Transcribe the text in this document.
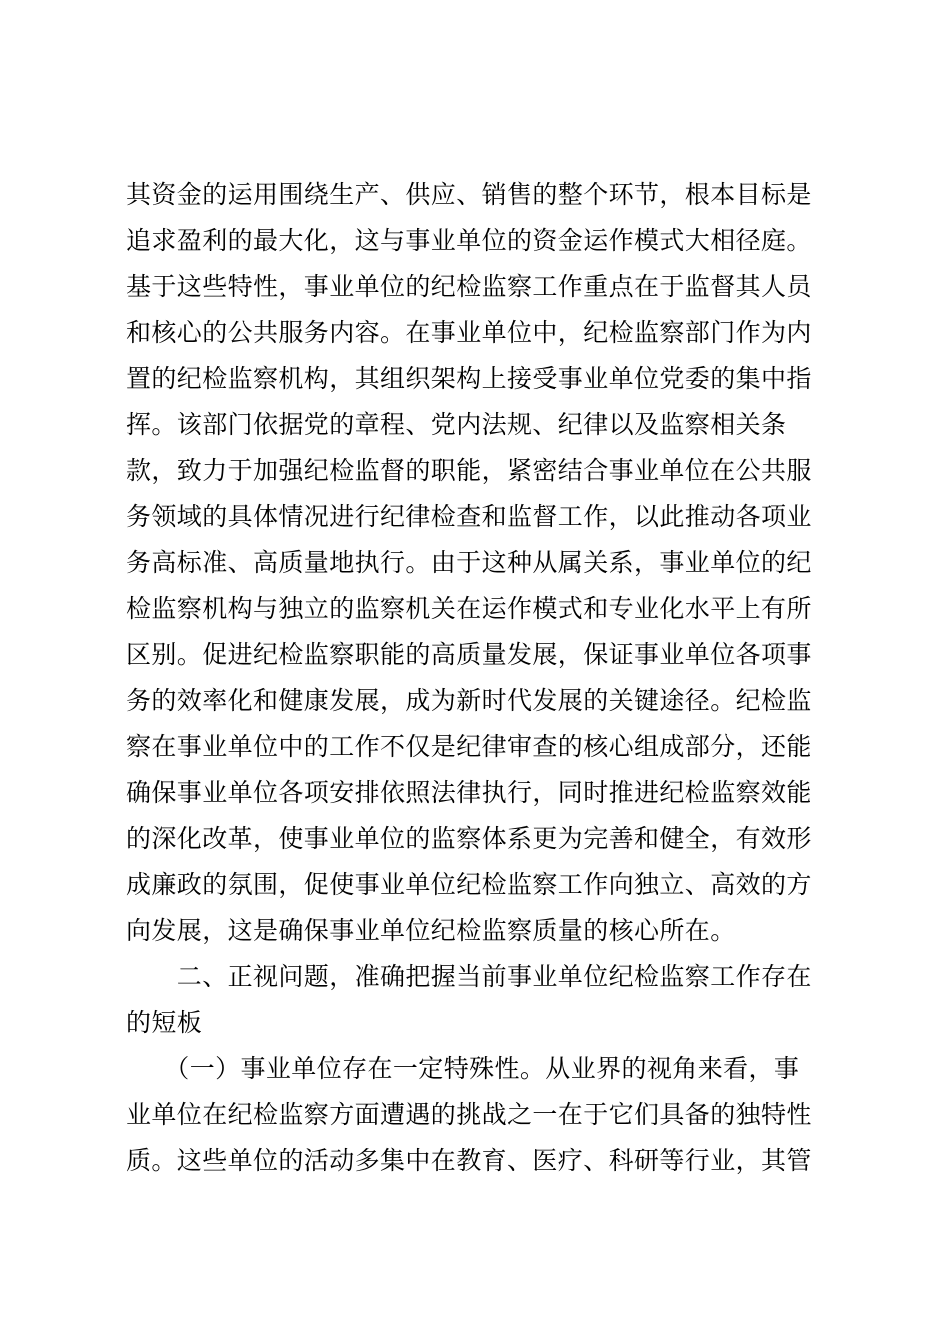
其资金的运用围绕生产、供应、销售的整个环节，根本目标是
追求盈利的最大化，这与事业单位的资金运作模式大相径庭。
基于这些特性，事业单位的纪检监察工作重点在于监督其人员
和核心的公共服务内容。在事业单位中，纪检监察部门作为内
置的纪检监察机构，其组织架构上接受事业单位党委的集中指
挥。该部门依据党的章程、党内法规、纪律以及监察相关条
款，致力于加强纪检监督的职能，紧密结合事业单位在公共服
务领域的具体情况进行纪律检查和监督工作，以此推动各项业
务高标准、高质量地执行。由于这种从属关系，事业单位的纪
检监察机构与独立的监察机关在运作模式和专业化水平上有所
区别。促进纪检监察职能的高质量发展，保证事业单位各项事
务的效率化和健康发展，成为新时代发展的关键途径。纪检监
察在事业单位中的工作不仅是纪律审查的核心组成部分，还能
确保事业单位各项安排依照法律执行，同时推进纪检监察效能
的深化改革，使事业单位的监察体系更为完善和健全，有效形
成廉政的氛围，促使事业单位纪检监察工作向独立、高效的方
向发展，这是确保事业单位纪检监察质量的核心所在。
　　二、正视问题，准确把握当前事业单位纪检监察工作存在
的短板
　　（一）事业单位存在一定特殊性。从业界的视角来看，事
业单位在纪检监察方面遭遇的挑战之一在于它们具备的独特性
质。这些单位的活动多集中在教育、医疗、科研等行业，其管
